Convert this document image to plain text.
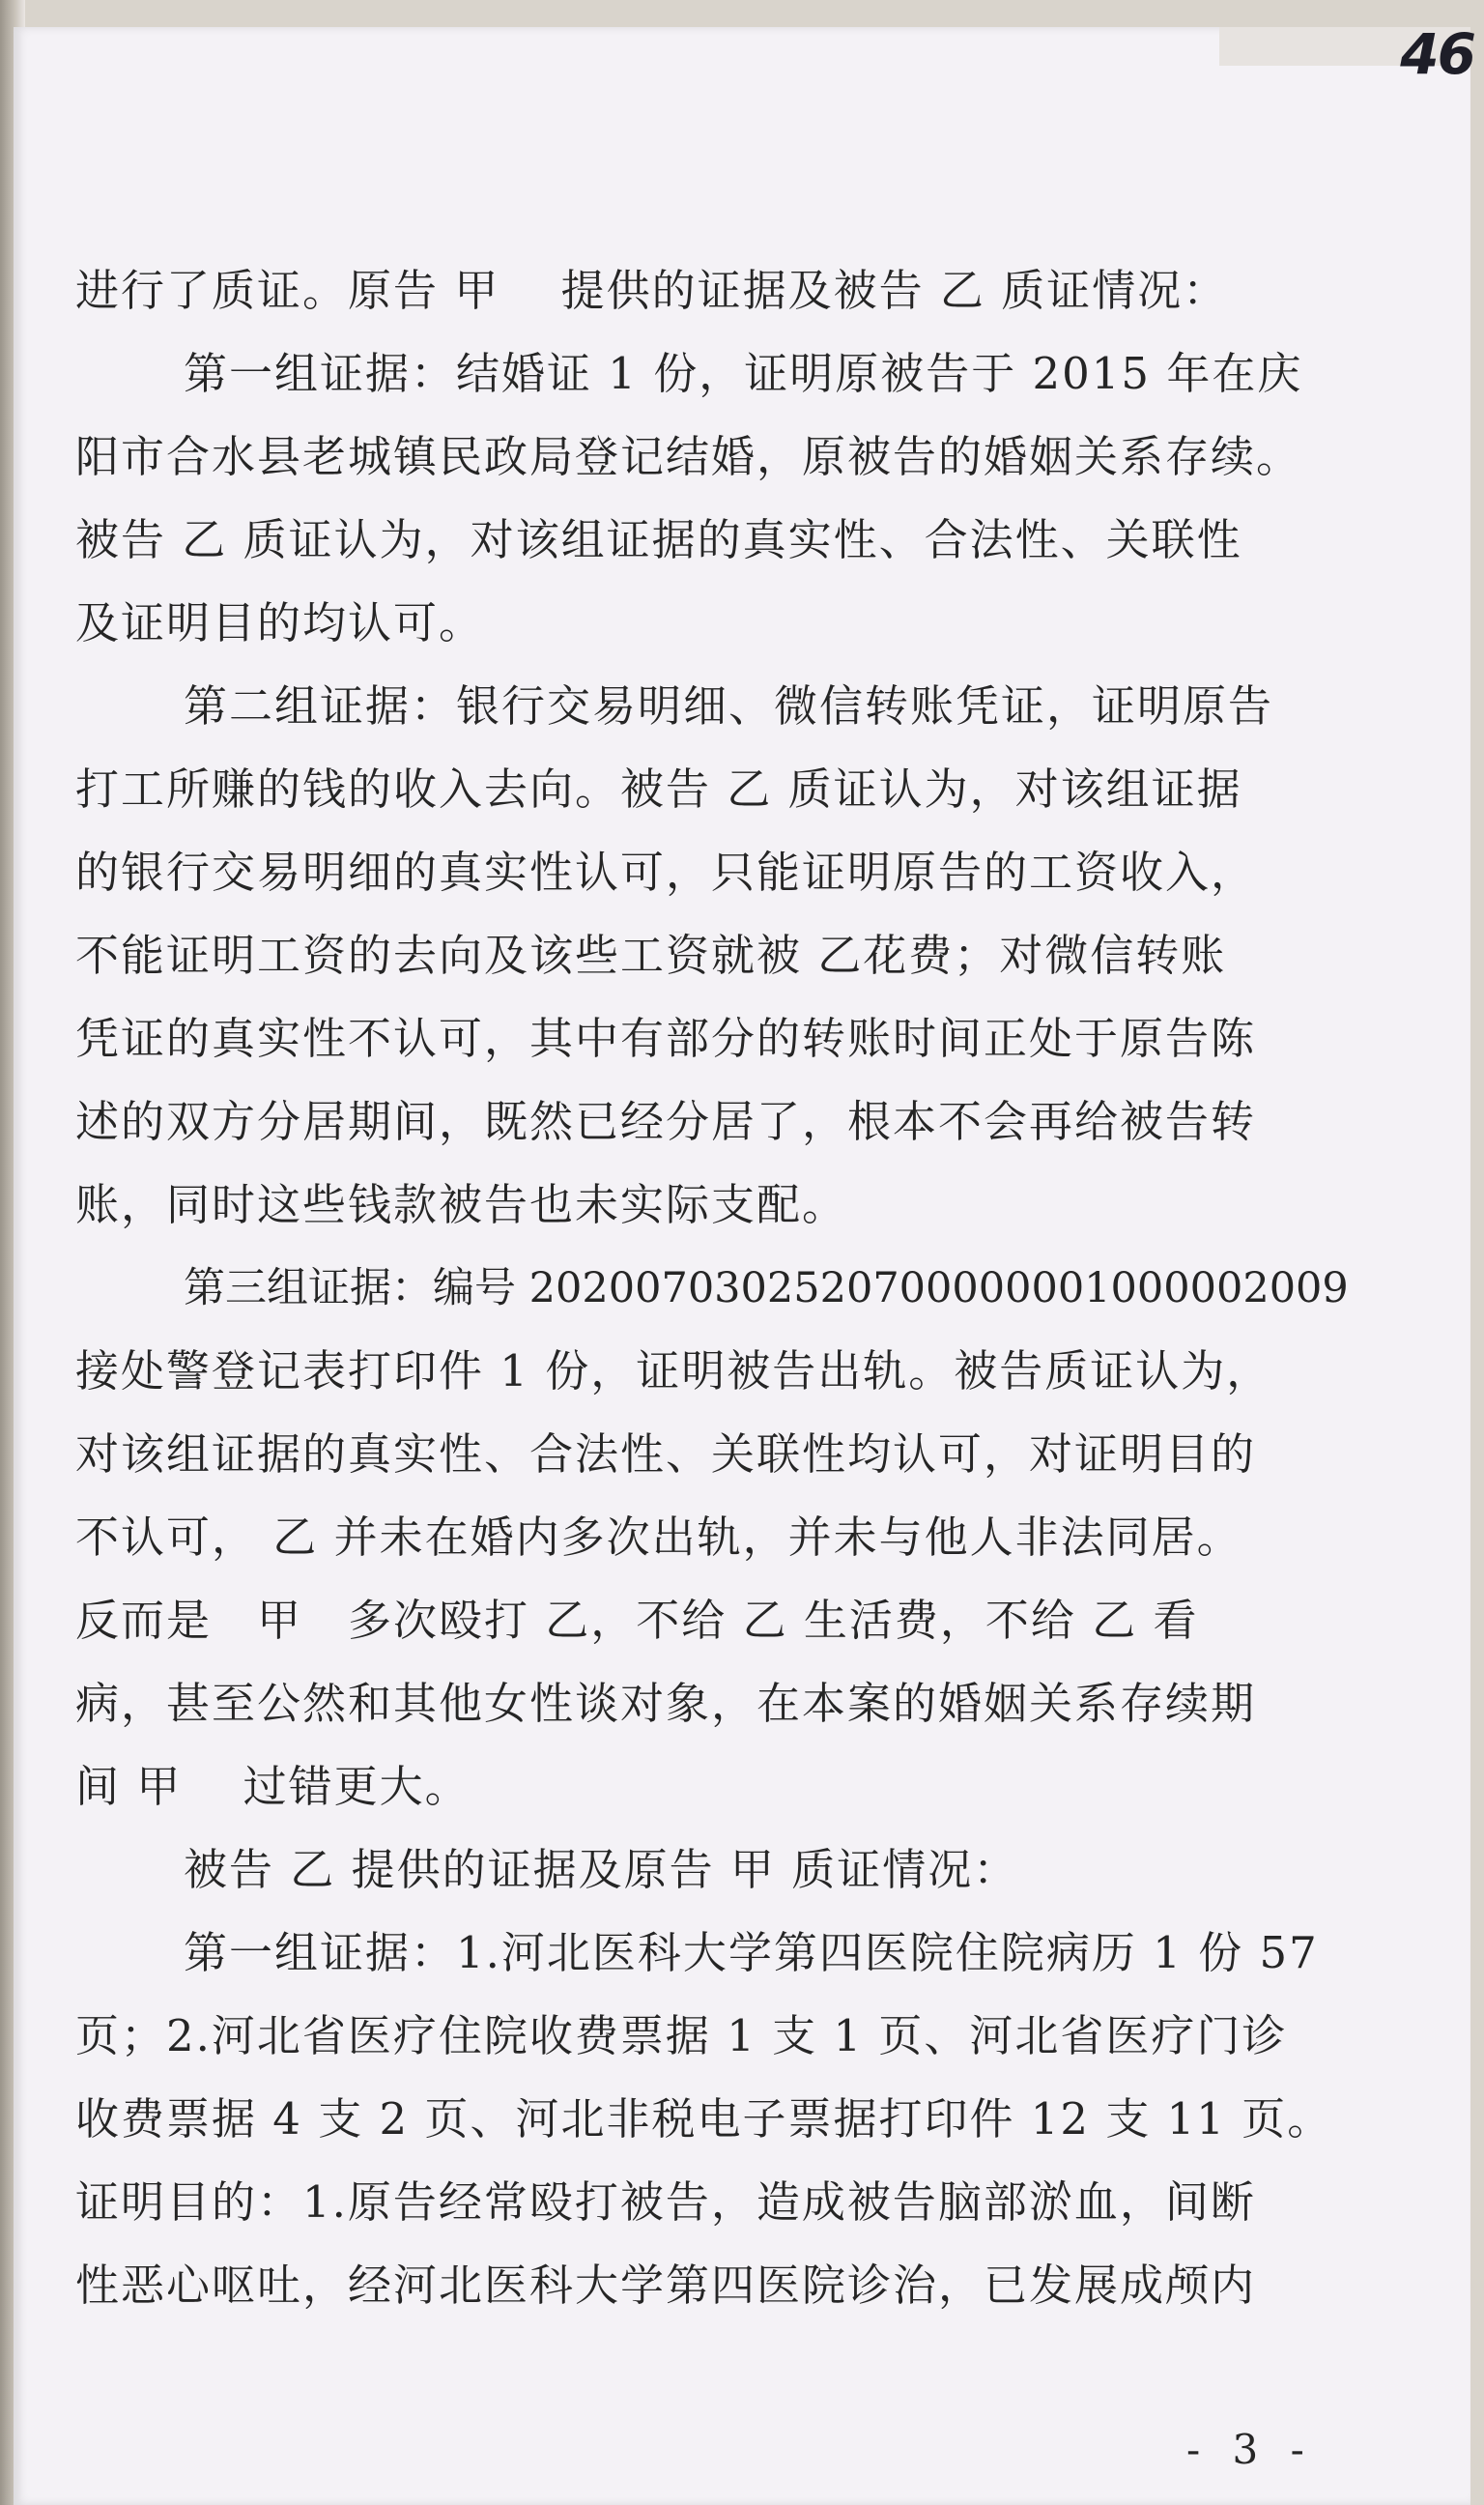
46
进行了质证。原告 甲　 提供的证据及被告 乙 质证情况：
第一组证据：结婚证 1 份，证明原被告于 2015 年在庆
阳市合水县老城镇民政局登记结婚，原被告的婚姻关系存续。
被告 乙 质证认为，对该组证据的真实性、合法性、关联性
及证明目的均认可。
第二组证据：银行交易明细、微信转账凭证，证明原告
打工所赚的钱的收入去向。被告 乙 质证认为，对该组证据
的银行交易明细的真实性认可，只能证明原告的工资收入，
不能证明工资的去向及该些工资就被 乙花费；对微信转账
凭证的真实性不认可，其中有部分的转账时间正处于原告陈
述的双方分居期间，既然已经分居了，根本不会再给被告转
账，同时这些钱款被告也未实际支配。
第三组证据：编号 2020070302520700000001000002009
接处警登记表打印件 1 份，证明被告出轨。被告质证认为，
对该组证据的真实性、合法性、关联性均认可，对证明目的
不认可， 乙 并未在婚内多次出轨，并未与他人非法同居。
反而是　甲　多次殴打 乙，不给 乙 生活费，不给 乙 看
病，甚至公然和其他女性谈对象，在本案的婚姻关系存续期
间 甲　 过错更大。
被告 乙 提供的证据及原告 甲 质证情况：
第一组证据：1.河北医科大学第四医院住院病历 1 份 57
页；2.河北省医疗住院收费票据 1 支 1 页、河北省医疗门诊
收费票据 4 支 2 页、河北非税电子票据打印件 12 支 11 页。
证明目的：1.原告经常殴打被告，造成被告脑部淤血，间断
性恶心呕吐，经河北医科大学第四医院诊治，已发展成颅内
- 3 -
